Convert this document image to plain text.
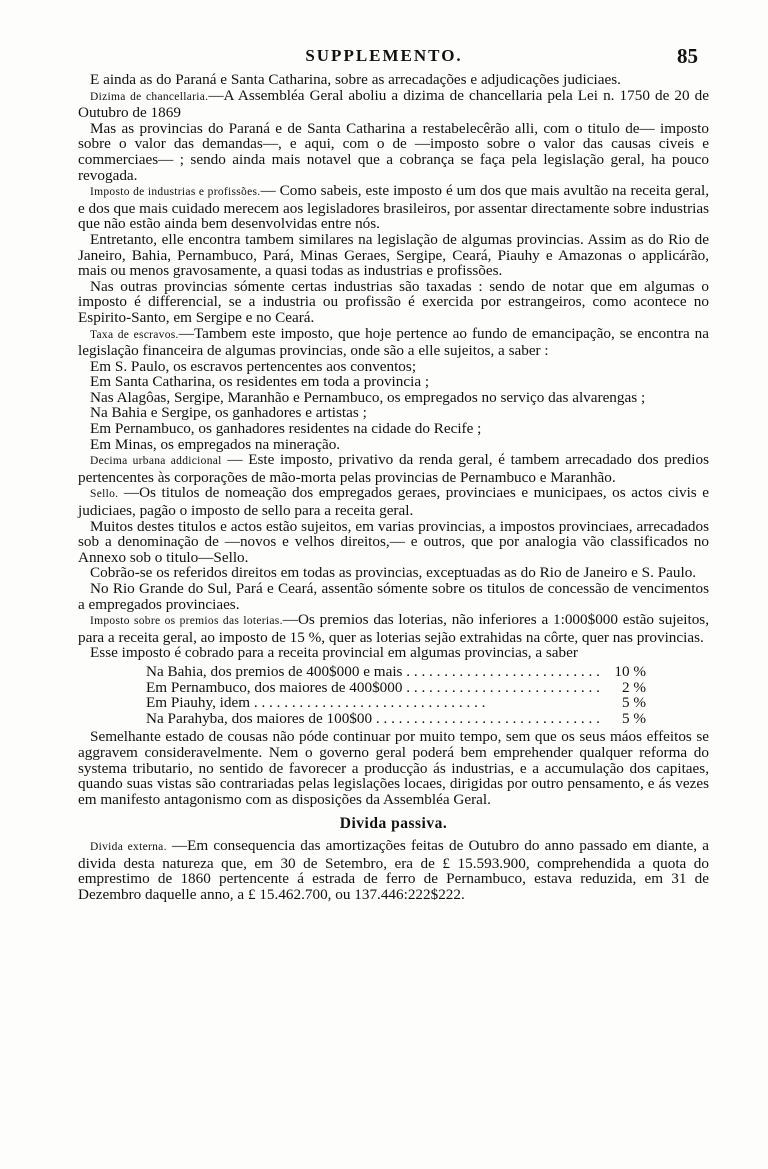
SUPPLEMENTO.	85

E ainda as do Paraná e Santa Catharina, sobre as arrecadações e adjudicações judiciaes.

Dizima de chancellaria.—A Assembléa Geral aboliu a dizima de chancellaria pela Lei n. 1750 de 20 de Outubro de 1869

Mas as provincias do Paraná e de Santa Catharina a restabelecêrão alli, com o titulo de— imposto sobre o valor das demandas—, e aqui, com o de —imposto sobre o valor das causas civeis e commerciaes— ; sendo ainda mais notavel que a cobrança se faça pela legislação geral, ha pouco revogada.

Imposto de industrias e profissões.— Como sabeis, este imposto é um dos que mais avultão na receita geral, e dos que mais cuidado merecem aos legisladores brasileiros, por assentar directamente sobre industrias que não estão ainda bem desenvolvidas entre nós.

Entretanto, elle encontra tambem similares na legislação de algumas provincias. Assim as do Rio de Janeiro, Bahia, Pernambuco, Pará, Minas Geraes, Sergipe, Ceará, Piauhy e Amazonas o applicárão, mais ou menos gravosamente, a quasi todas as industrias e profissões.

Nas outras provincias sómente certas industrias são taxadas : sendo de notar que em algumas o imposto é differencial, se a industria ou profissão é exercida por estrangeiros, como acontece no Espirito-Santo, em Sergipe e no Ceará.

Taxa de escravos.—Tambem este imposto, que hoje pertence ao fundo de emancipação, se encontra na legislação financeira de algumas provincias, onde são a elle sujeitos, a saber :

Em S. Paulo, os escravos pertencentes aos conventos;

Em Santa Catharina, os residentes em toda a provincia ;

Nas Alagôas, Sergipe, Maranhão e Pernambuco, os empregados no serviço das alvarengas ;

Na Bahia e Sergipe, os ganhadores e artistas ;

Em Pernambuco, os ganhadores residentes na cidade do Recife ;

Em Minas, os empregados na mineração.

Decima urbana addicional — Este imposto, privativo da renda geral, é tambem arrecadado dos predios pertencentes às corporações de mão-morta pelas provincias de Pernambuco e Maranhão.

Sello. —Os titulos de nomeação dos empregados geraes, provinciaes e municipaes, os actos civis e judiciaes, pagão o imposto de sello para a receita geral.

Muitos destes titulos e actos estão sujeitos, em varias provincias, a impostos provinciaes, arrecadados sob a denominação de —novos e velhos direitos,— e outros, que por analogia vão classificados no Annexo sob o titulo—Sello.

Cobrão-se os referidos direitos em todas as provincias, exceptuadas as do Rio de Janeiro e S. Paulo.

No Rio Grande do Sul, Pará e Ceará, assentão sómente sobre os titulos de concessão de vencimentos a empregados provinciaes.

Imposto sobre os premios das loterias.—Os premios das loterias, não inferiores a 1:000$000 estão sujeitos, para a receita geral, ao imposto de 15 %, quer as loterias sejão extrahidas na côrte, quer nas provincias.

Esse imposto é cobrado para a receita provincial em algumas provincias, a saber

Na Bahia, dos premios de 400$000 e mais . . .	10 %
Em Pernambuco, dos maiores de 400$000 . . .	2 %
Em Piauhy, idem . . .	5 %
Na Parahyba, dos maiores de 100$00 . . .	5 %

Semelhante estado de cousas não póde continuar por muito tempo, sem que os seus máos effeitos se aggravem consideravelmente. Nem o governo geral poderá bem emprehender qualquer reforma do systema tributario, no sentido de favorecer a producção ás industrias, e a accumulação dos capitaes, quando suas vistas são contrariadas pelas legislações locaes, dirigidas por outro pensamento, e ás vezes em manifesto antagonismo com as disposições da Assembléa Geral.

Divida passiva.

Divida externa. —Em consequencia das amortizações feitas de Outubro do anno passado em diante, a divida desta natureza que, em 30 de Setembro, era de £ 15.593.900, comprehendida a quota do emprestimo de 1860 pertencente á estrada de ferro de Pernambuco, estava reduzida, em 31 de Dezembro daquelle anno, a £ 15.462.700, ou 137.446:222$222.
